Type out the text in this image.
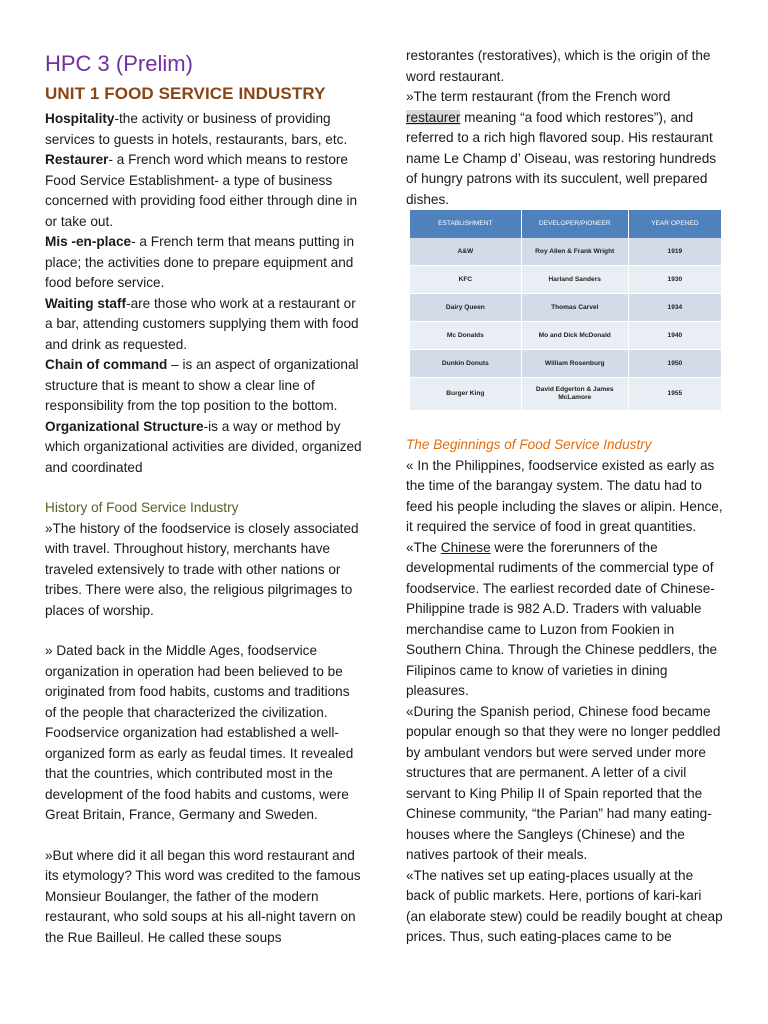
HPC 3 (Prelim)
UNIT 1 FOOD SERVICE INDUSTRY

Hospitality-the activity or business of providing services to guests in hotels, restaurants, bars, etc.

Restaurer- a French word which means to restore Food Service Establishment- a type of business concerned with providing food either through dine in or take out.

Mis -en-place- a French term that means putting in place; the activities done to prepare equipment and food before service.

Waiting staff-are those who work at a restaurant or a bar, attending customers supplying them with food and drink as requested.

Chain of command – is an aspect of organizational structure that is meant to show a clear line of responsibility from the top position to the bottom.

Organizational Structure-is a way or method by which organizational activities are divided, organized and coordinated

History of Food Service Industry

»The history of the foodservice is closely associated with travel. Throughout history, merchants have traveled extensively to trade with other nations or tribes. There were also, the religious pilgrimages to places of worship.

» Dated back in the Middle Ages, foodservice organization in operation had been believed to be originated from food habits, customs and traditions of the people that characterized the civilization. Foodservice organization had established a well-organized form as early as feudal times. It revealed that the countries, which contributed most in the development of the food habits and customs, were Great Britain, France, Germany and Sweden.

»But where did it all began this word restaurant and its etymology? This word was credited to the famous Monsieur Boulanger, the father of the modern restaurant, who sold soups at his all-night tavern on the Rue Bailleul. He called these soups

restorantes (restoratives), which is the origin of the word restaurant.

»The term restaurant (from the French word restaurer meaning “a food which restores”), and referred to a rich high flavored soup. His restaurant name Le Champ d’ Oiseau, was restoring hundreds of hungry patrons with its succulent, well prepared dishes.

ESTABLISHMENT	DEVELOPER/PIONEER	YEAR OPENED
A&W	Roy Allen & Frank Wright	1919
KFC	Harland Sanders	1930
Dairy Queen	Thomas Carvel	1934
Mc Donalds	Mo and Dick McDonald	1940
Dunkin Donuts	William Rosenburg	1950
Burger King	David Edgerton & James McLamore	1955

The Beginnings of Food Service Industry

« In the Philippines, foodservice existed as early as the time of the barangay system. The datu had to feed his people including the slaves or alipin. Hence, it required the service of food in great quantities.

«The Chinese were the forerunners of the developmental rudiments of the commercial type of foodservice. The earliest recorded date of Chinese-Philippine trade is 982 A.D. Traders with valuable merchandise came to Luzon from Fookien in Southern China. Through the Chinese peddlers, the Filipinos came to know of varieties in dining pleasures.

«During the Spanish period, Chinese food became popular enough so that they were no longer peddled by ambulant vendors but were served under more structures that are permanent. A letter of a civil servant to King Philip II of Spain reported that the Chinese community, “the Parian” had many eating-houses where the Sangleys (Chinese) and the natives partook of their meals.

«The natives set up eating-places usually at the back of public markets. Here, portions of kari-kari (an elaborate stew) could be readily bought at cheap prices. Thus, such eating-places came to be
